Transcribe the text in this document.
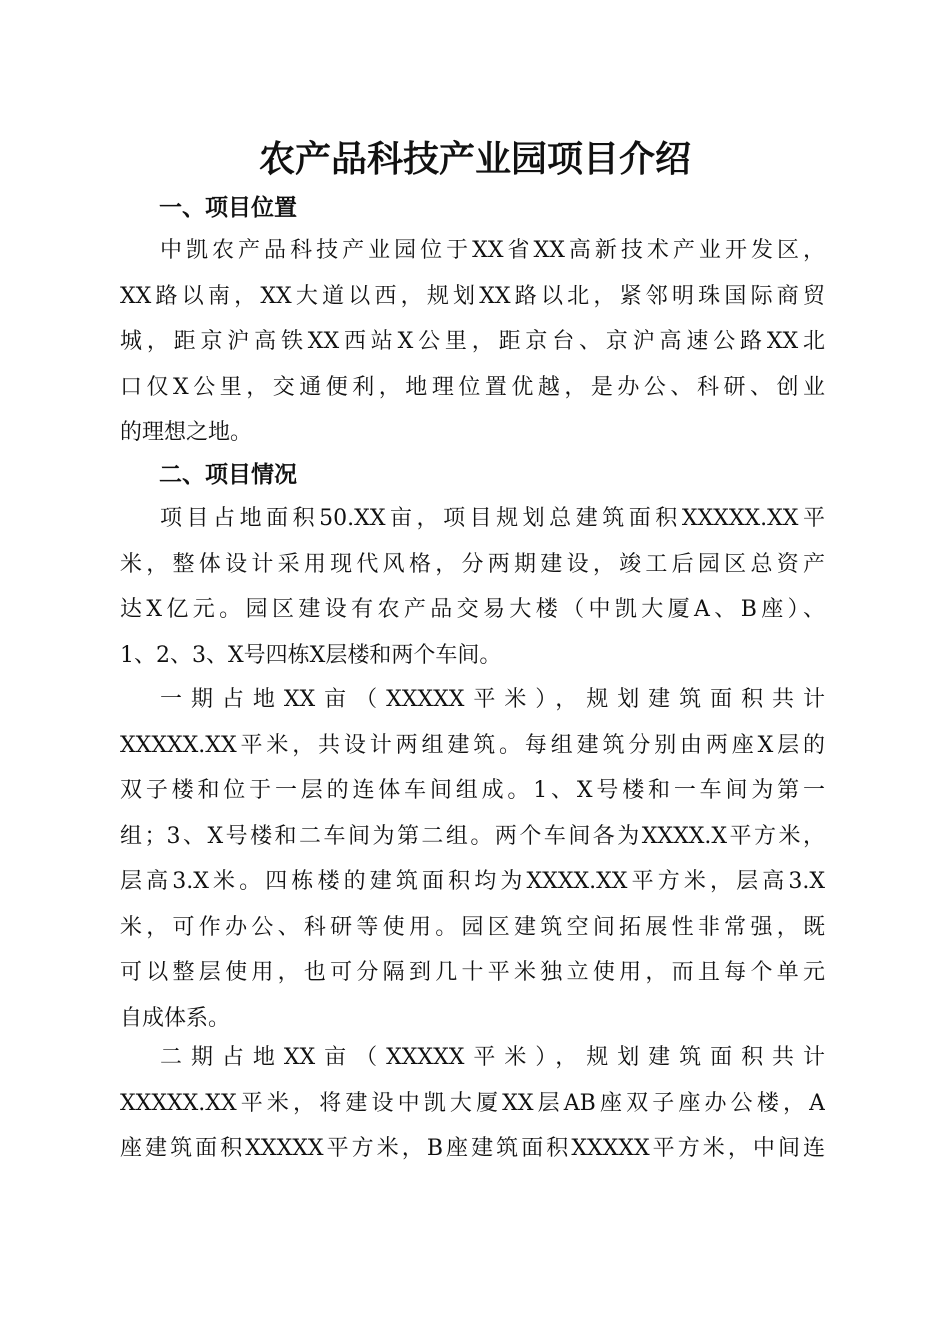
农产品科技产业园项目介绍
一、项目位置
中凯农产品科技产业园位于XX省XX高新技术产业开发区，
XX路以南，XX大道以西，规划XX路以北，紧邻明珠国际商贸
城，距京沪高铁XX西站X公里，距京台、京沪高速公路XX北
口仅X公里，交通便利，地理位置优越，是办公、科研、创业
的理想之地。
二、项目情况
项目占地面积50.XX亩，项目规划总建筑面积XXXXX.XX平
米，整体设计采用现代风格，分两期建设，竣工后园区总资产
达X亿元。园区建设有农产品交易大楼（中凯大厦A、B座）、
1、2、3、X号四栋X层楼和两个车间。
一期占地XX亩（XXXXX平米），规划建筑面积共计
XXXXX.XX平米，共设计两组建筑。每组建筑分别由两座X层的
双子楼和位于一层的连体车间组成。1、X号楼和一车间为第一
组；3、X号楼和二车间为第二组。两个车间各为XXXX.X平方米，
层高3.X米。四栋楼的建筑面积均为XXXX.XX平方米，层高3.X
米，可作办公、科研等使用。园区建筑空间拓展性非常强，既
可以整层使用，也可分隔到几十平米独立使用，而且每个单元
自成体系。
二期占地XX亩（XXXXX平米），规划建筑面积共计
XXXXX.XX平米，将建设中凯大厦XX层AB座双子座办公楼，A
座建筑面积XXXXX平方米，B座建筑面积XXXXX平方米，中间连
